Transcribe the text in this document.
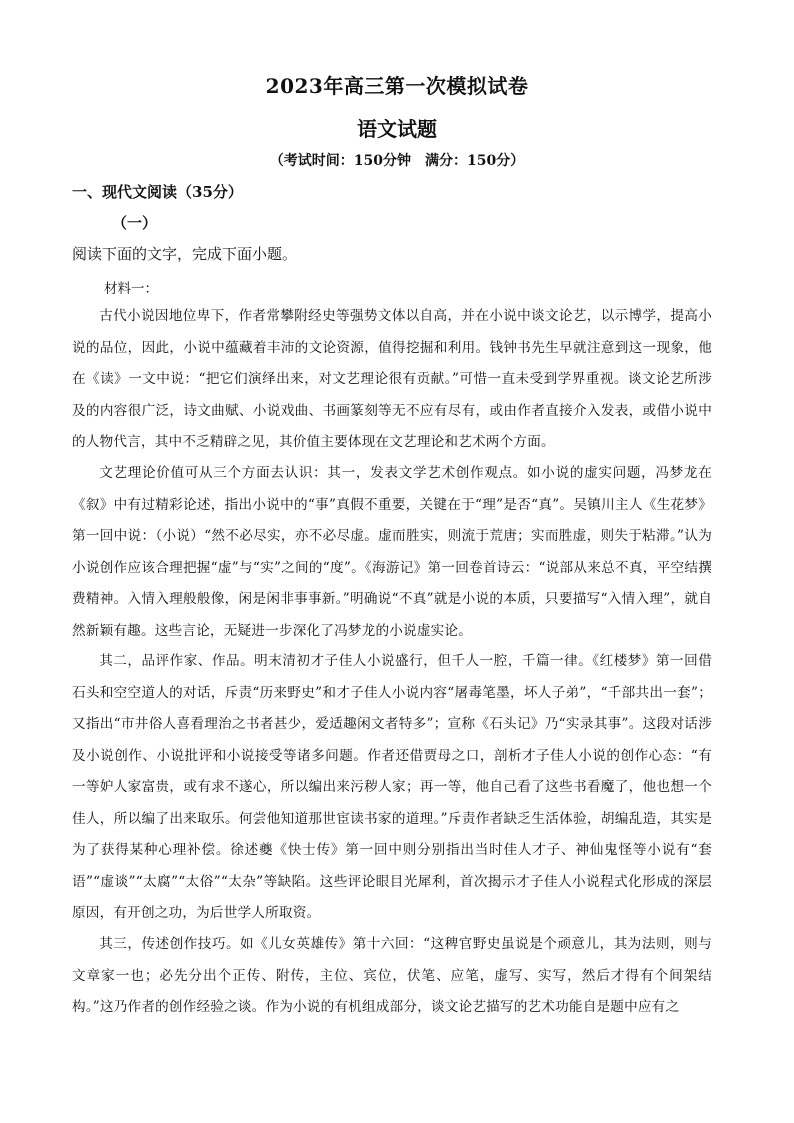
2023年高三第一次模拟试卷
语文试题
（考试时间：150分钟　满分：150分）
一、现代文阅读（35分）
（一）
阅读下面的文字，完成下面小题。
材料一：
古代小说因地位卑下，作者常攀附经史等强势文体以自高，并在小说中谈文论艺，以示博学，提高小说的品位，因此，小说中蕴藏着丰沛的文论资源，值得挖掘和利用。钱钟书先生早就注意到这一现象，他在《读》一文中说：“把它们演绎出来，对文艺理论很有贡献。”可惜一直未受到学界重视。谈文论艺所涉及的内容很广泛，诗文曲赋、小说戏曲、书画篆刻等无不应有尽有，或由作者直接介入发表，或借小说中的人物代言，其中不乏精辟之见，其价值主要体现在文艺理论和艺术两个方面。
文艺理论价值可从三个方面去认识：其一，发表文学艺术创作观点。如小说的虚实问题，冯梦龙在《叙》中有过精彩论述，指出小说中的“事”真假不重要，关键在于“理”是否“真”。吴镇川主人《生花梦》第一回中说：（小说）“然不必尽实，亦不必尽虚。虚而胜实，则流于荒唐；实而胜虚，则失于粘滞。”认为小说创作应该合理把握“虚”与“实”之间的“度”。《海游记》第一回卷首诗云：“说部从来总不真，平空结撰费精神。入情入理般般像，闲是闲非事事新。”明确说“不真”就是小说的本质，只要描写“入情入理”，就自然新颖有趣。这些言论，无疑进一步深化了冯梦龙的小说虚实论。
其二，品评作家、作品。明末清初才子佳人小说盛行，但千人一腔，千篇一律。《红楼梦》第一回借石头和空空道人的对话，斥责“历来野史”和才子佳人小说内容“屠毒笔墨，坏人子弟”，“千部共出一套”；又指出“市井俗人喜看理治之书者甚少，爱适趣闲文者特多”；宣称《石头记》乃“实录其事”。这段对话涉及小说创作、小说批评和小说接受等诸多问题。作者还借贾母之口，剖析才子佳人小说的创作心态：“有一等妒人家富贵，或有求不遂心，所以编出来污秽人家；再一等，他自己看了这些书看魔了，他也想一个佳人，所以编了出来取乐。何尝他知道那世宦读书家的道理。”斥责作者缺乏生活体验，胡编乱造，其实是为了获得某种心理补偿。徐述夔《快士传》第一回中则分别指出当时佳人才子、神仙鬼怪等小说有“套语”“虚谈”“太腐”“太俗”“太杂”等缺陷。这些评论眼目光犀利，首次揭示才子佳人小说程式化形成的深层原因，有开创之功，为后世学人所取资。
其三，传述创作技巧。如《儿女英雄传》第十六回：“这稗官野史虽说是个顽意儿，其为法则，则与文章家一也；必先分出个正传、附传，主位、宾位，伏笔、应笔，虚写、实写，然后才得有个间架结构。”这乃作者的创作经验之谈。作为小说的有机组成部分，谈文论艺描写的艺术功能自是题中应有之
